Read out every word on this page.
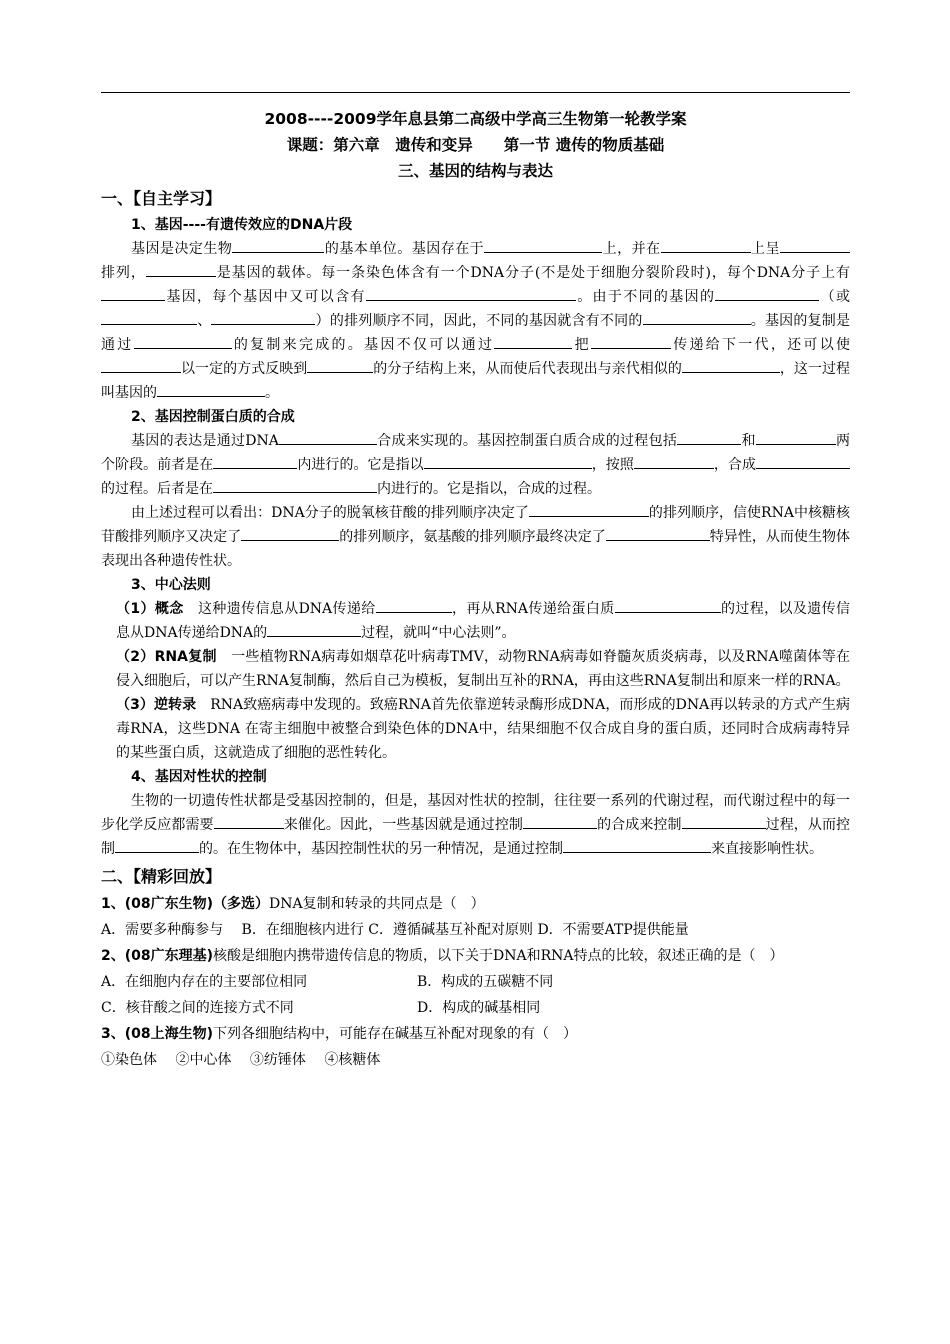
2008----2009学年息县第二高级中学高三生物第一轮教学案
课题：第六章　遗传和变异　　第一节 遗传的物质基础
三、基因的结构与表达
一、【自主学习】
1、基因----有遗传效应的DNA片段
基因是决定生物	的基本单位。基因存在于	上，并在	上呈排列，	是基因的载体。每一条染色体含有一个DNA分子(不是处于细胞分裂阶段时)，每个DNA分子上有基因，每个基因中又可以含有	。由于不同的基因的	（或、	）的排列顺序不同，因此，不同的基因就含有不同的	。基因的复制是通过	的复制来完成的。基因不仅可以通过	把	传递给下一代，还可以使以一定的方式反映到	的分子结构上来，从而使后代表现出与亲代相似的	，这一过程叫基因的	。
2、基因控制蛋白质的合成
基因的表达是通过DNA	合成来实现的。基因控制蛋白质合成的过程包括	和	两个阶段。前者是在	内进行的。它是指以	，按照	，合成的过程。后者是在	内进行的。它是指以，合成的过程。
由上述过程可以看出：DNA分子的脱氧核苷酸的排列顺序决定了	的排列顺序，信使RNA中核糖核苷酸排列顺序又决定了	的排列顺序，氨基酸的排列顺序最终决定了	特异性，从而使生物体表现出各种遗传性状。
3、中心法则
（1）概念　这种遗传信息从DNA传递给	，再从RNA传递给蛋白质	的过程，以及遗传信息从DNA传递给DNA的	过程，就叫“中心法则”。
（2）RNA复制　一些植物RNA病毒如烟草花叶病毒TMV，动物RNA病毒如脊髓灰质炎病毒，以及RNA噬菌体等在侵入细胞后，可以产生RNA复制酶，然后自己为模板，复制出互补的RNA，再由这些RNA复制出和原来一样的RNA。
（3）逆转录　RNA致癌病毒中发现的。致癌RNA首先依靠逆转录酶形成DNA，而形成的DNA再以转录的方式产生病毒RNA，这些DNA 在寄主细胞中被整合到染色体的DNA中，结果细胞不仅合成自身的蛋白质，还同时合成病毒特异的某些蛋白质，这就造成了细胞的恶性转化。
4、基因对性状的控制
生物的一切遗传性状都是受基因控制的，但是，基因对性状的控制，往往要一系列的代谢过程，而代谢过程中的每一步化学反应都需要	来催化。因此，一些基因就是通过控制	的合成来控制	过程，从而控制	的。在生物体中，基因控制性状的另一种情况，是通过控制	来直接影响性状。
二、【精彩回放】
1、(08广东生物)（多选）DNA复制和转录的共同点是（　）
A．需要多种酶参与　 B．在细胞核内进行 C．遵循碱基互补配对原则 D．不需要ATP提供能量
2、(08广东理基)核酸是细胞内携带遗传信息的物质，以下关于DNA和RNA特点的比较，叙述正确的是（　）
A．在细胞内存在的主要部位相同	B．构成的五碳糖不同
C．核苷酸之间的连接方式不同	D．构成的碱基相同
3、(08上海生物)下列各细胞结构中，可能存在碱基互补配对现象的有（　）
①染色体　 ②中心体　 ③纺锤体　 ④核糖体
